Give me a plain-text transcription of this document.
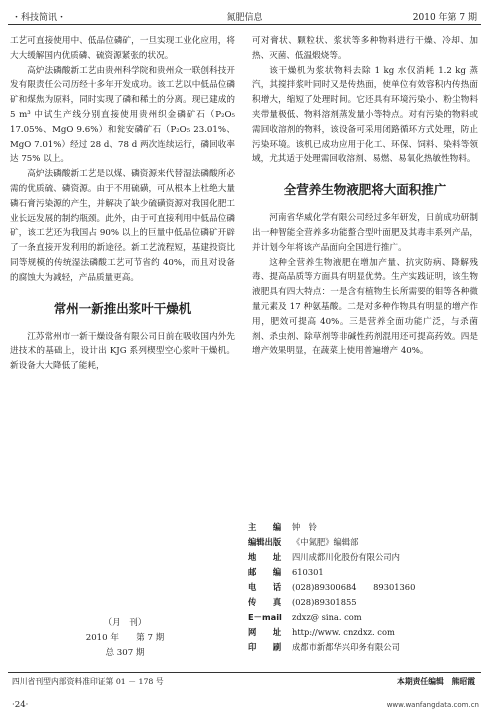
・科技简讯・	氮肥信息	2010 年第 7 期

工艺可直接使用中、低品位磷矿，一旦实现工业化应用，将大大缓解国内优质磷、硫资源紧张的状况。

高炉法磷酸新工艺由贵州科学院和贵州众一联创科技开发有限责任公司历经十多年开发成功。该工艺以中低品位磷矿和煤焦为原料，同时实现了磷和稀土的分离。现已建成的 5 m³ 中试生产线分别直接使用贵州织金磷矿石（P₂O₅ 17.05%、MgO 9.6%）和瓮安磷矿石（P₂O₅ 23.01%、MgO 7.01%）经过 28 d、78 d 两次连续运行，磷回收率达 75% 以上。

高炉法磷酸新工艺是以煤、磷资源来代替湿法磷酸所必需的优质硫、磷资源。由于不用硫磺，可从根本上杜绝大量磷石膏污染源的产生，并解决了缺少硫磺资源对我国化肥工业长远发展的制约瓶颈。此外，由于可直接利用中低品位磷矿，该工艺还为我国占 90% 以上的巨量中低品位磷矿开辟了一条直接开发利用的新途径。新工艺流程短，基建投资比同等规模的传统湿法磷酸工艺可节省约 40%，而且对设备的腐蚀大为减轻，产品质量更高。

常州一新推出浆叶干燥机

江苏常州市一新干燥设备有限公司日前在吸收国内外先进技术的基础上，设计出 KJG 系列楔型空心浆叶干燥机。新设备大大降低了能耗，

可对膏状、颗粒状、浆状等多种物料进行干燥、冷却、加热、灭菌、低温煅烧等。

该干燥机为浆状物料去除 1 kg 水仅消耗 1.2 kg 蒸汽，其搅拌浆叶同时又是传热面，使单位有效容积内传热面积增大，缩短了处理时间。它还具有环境污染小、粉尘物料夹带量极低、物料溶剂蒸发量小等特点。对有污染的物料或需回收溶剂的物料，该设备可采用闭路循环方式处理，防止污染环境。该机已成功应用于化工、环保、饲料、染料等领域，尤其适于处理需回收溶剂、易燃、易氧化热敏性物料。

全营养生物液肥将大面积推广

河南省华威化学有限公司经过多年研发，日前成功研制出一种智能全营养多功能螯合型叶面肥及其毒丰系列产品，并计划今年将该产品面向全国进行推广。

这种全营养生物液肥在增加产量、抗灾防病、降解残毒、提高品质等方面具有明显优势。生产实践证明，该生物液肥具有四大特点：一是含有植物生长所需要的钼等各种微量元素及 17 种氨基酸。二是对多种作物具有明显的增产作用，肥效可提高 40%。三是营养全面功能广泛，与杀菌剂、杀虫剂、除草剂等非碱性药剂混用还可提高药效。四是增产效果明显，在蔬菜上使用普遍增产 40%。

主　　编 钟　铃
编辑出版 《中氮肥》编辑部
地　　址 四川成都川化股份有限公司内
邮　　编 610301
电　　话 (028)89300684　　89301360
传　　真 (028)89301855
E－mail zdxz@ sina. com
网　　址 http://www. cnzdxz. com
印　　刷 成都市新都华兴印务有限公司
（月　刊）
2010 年　　第 7 期
总 307 期
四川省刊型内部资料准印证第 01 － 178 号	本期责任编辑　熊昭霞
·24·	www.wanfangdata.com.cn
